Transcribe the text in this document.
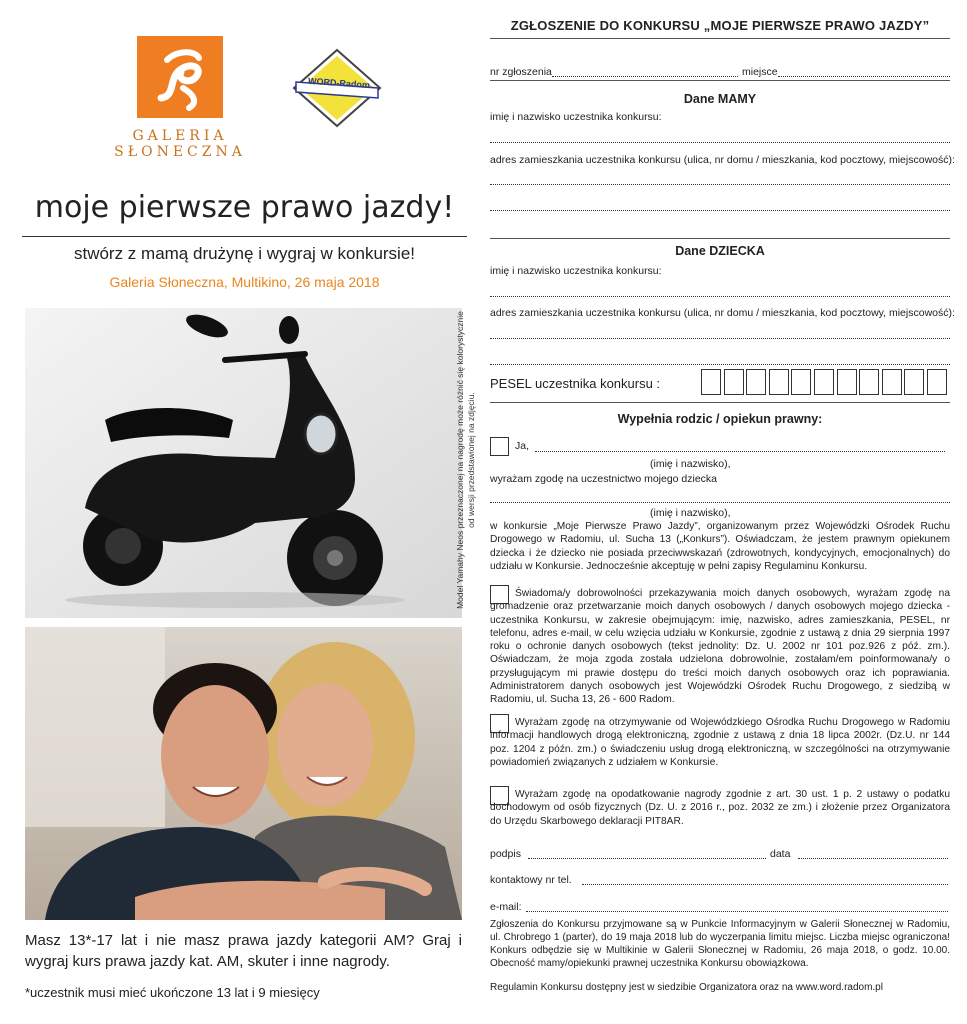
GALERIA
SŁONECZNA
WORD-Radom
moje pierwsze prawo jazdy!
stwórz z mamą drużynę i wygraj w konkursie!
Galeria Słoneczna, Multikino, 26 maja 2018
Model Yamahy Neos przeznaczonej na nagrodę może różnić się kolorystycznie od wersji przedstawionej na zdjęciu.
Masz 13*-17 lat i nie masz prawa jazdy kategorii AM? Graj i wygraj kurs prawa jazdy kat. AM, skuter i inne nagrody.
*uczestnik musi mieć ukończone 13 lat i 9 miesięcy
ZGŁOSZENIE DO KONKURSU „MOJE PIERWSZE PRAWO JAZDY”
nr zgłoszenia	miejsce
Dane MAMY
imię i nazwisko uczestnika konkursu:
adres zamieszkania uczestnika konkursu (ulica, nr domu / mieszkania, kod pocztowy, miejscowość):
Dane DZIECKA
imię i nazwisko uczestnika konkursu:
adres zamieszkania uczestnika konkursu (ulica, nr domu / mieszkania, kod pocztowy, miejscowość):
PESEL uczestnika konkursu :
Wypełnia rodzic / opiekun prawny:
Ja,
(imię i nazwisko),
wyrażam zgodę na uczestnictwo mojego dziecka
(imię i nazwisko),
w konkursie „Moje Pierwsze Prawo Jazdy”, organizowanym przez Wojewódzki Ośrodek Ruchu Drogowego w Radomiu, ul. Sucha 13 („Konkurs”). Oświadczam, że jestem prawnym opiekunem dziecka i że dziecko nie posiada przeciwwskazań (zdrowotnych, kondycyjnych, emocjonalnych) do udziału w Konkursie. Jednocześnie akceptuję w pełni zapisy Regulaminu Konkursu.
Świadoma/y dobrowolności przekazywania moich danych osobowych, wyrażam zgodę na gromadzenie oraz przetwarzanie moich danych osobowych / danych osobowych mojego dziecka - uczestnika Konkursu, w zakresie obejmującym: imię, nazwisko, adres zamieszkania, PESEL, nr telefonu, adres e-mail, w celu wzięcia udziału w Konkursie, zgodnie z ustawą z dnia 29 sierpnia 1997 roku o ochronie danych osobowych (tekst jednolity: Dz. U. 2002 nr 101 poz.926 z póź. zm.). Oświadczam, że moja zgoda została udzielona dobrowolnie, zostałam/em poinformowana/y o przysługującym mi prawie dostępu do treści moich danych osobowych oraz ich poprawiania. Administratorem danych osobowych jest Wojewódzki Ośrodek Ruchu Drogowego, z siedzibą w Radomiu, ul. Sucha 13, 26 - 600 Radom.
Wyrażam zgodę na otrzymywanie od Wojewódzkiego Ośrodka Ruchu Drogowego w Radomiu informacji handlowych drogą elektroniczną, zgodnie z ustawą z dnia 18 lipca 2002r. (Dz.U. nr 144 poz. 1204 z późn. zm.) o świadczeniu usług drogą elektroniczną, w szczególności na otrzymywanie powiadomień związanych z udziałem w Konkursie.
Wyrażam zgodę na opodatkowanie nagrody zgodnie z art. 30 ust. 1 p. 2 ustawy o podatku dochodowym od osób fizycznych (Dz. U. z 2016 r., poz. 2032 ze zm.) i złożenie przez Organizatora do Urzędu Skarbowego deklaracji PIT8AR.
podpis	data
kontaktowy nr tel.
e-mail:
Zgłoszenia do Konkursu przyjmowane są w Punkcie Informacyjnym w Galerii Słonecznej w Radomiu, ul. Chrobrego 1 (parter), do 19 maja 2018 lub do wyczerpania limitu miejsc. Liczba miejsc ograniczona! Konkurs odbędzie się w Multikinie w Galerii Słonecznej w Radomiu, 26 maja 2018, o godz. 10.00. Obecność mamy/opiekunki prawnej uczestnika Konkursu obowiązkowa.
Regulamin Konkursu dostępny jest w siedzibie Organizatora oraz na www.word.radom.pl
